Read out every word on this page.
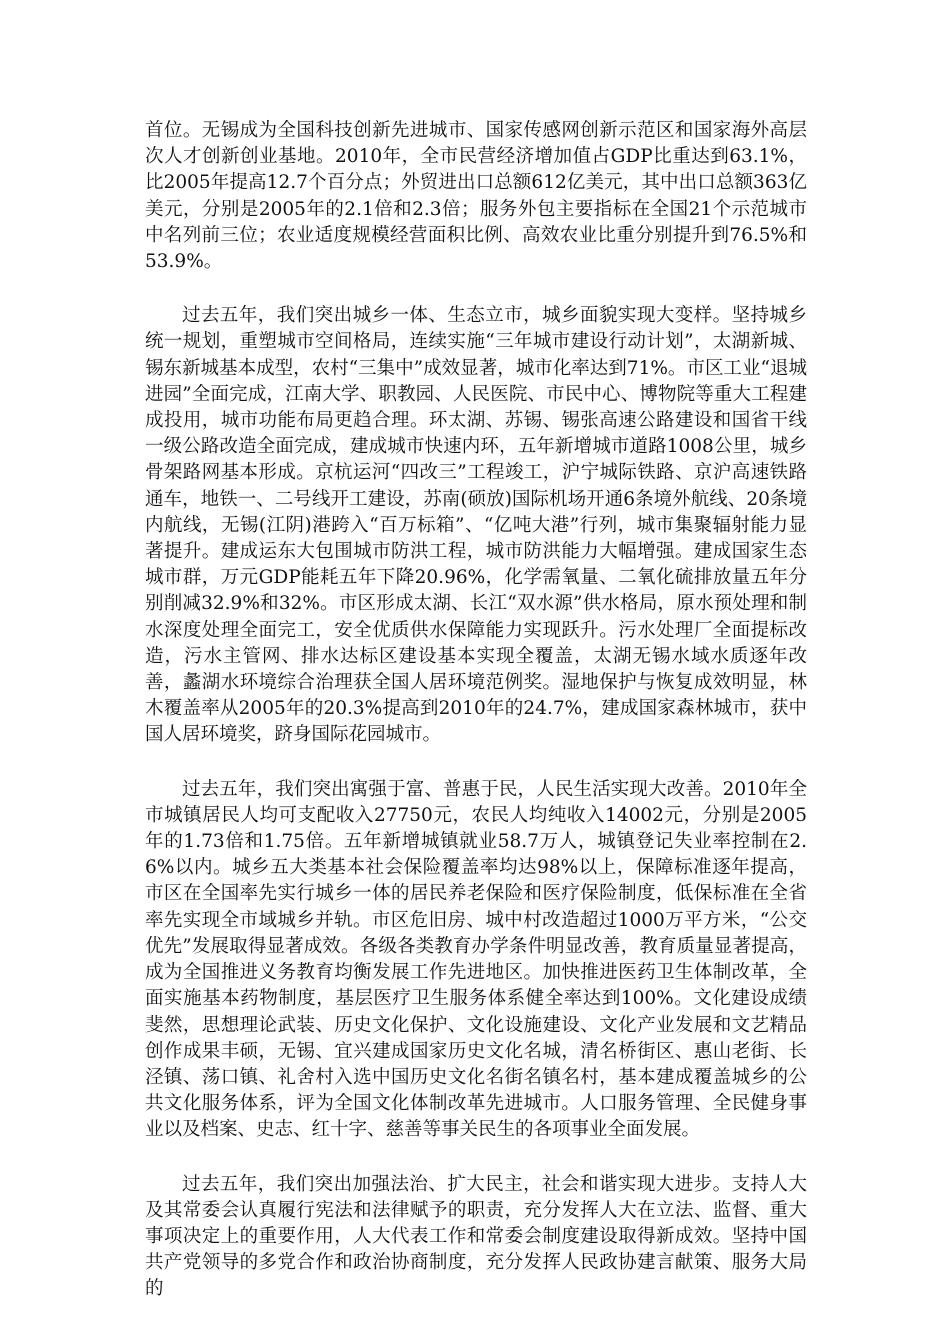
首位。无锡成为全国科技创新先进城市、国家传感网创新示范区和国家海外高层次人才创新创业基地。2010年，全市民营经济增加值占GDP比重达到63.1%，比2005年提高12.7个百分点；外贸进出口总额612亿美元，其中出口总额363亿美元，分别是2005年的2.1倍和2.3倍；服务外包主要指标在全国21个示范城市中名列前三位；农业适度规模经营面积比例、高效农业比重分别提升到76.5%和53.9%。

过去五年，我们突出城乡一体、生态立市，城乡面貌实现大变样。坚持城乡统一规划，重塑城市空间格局，连续实施“三年城市建设行动计划”，太湖新城、锡东新城基本成型，农村“三集中”成效显著，城市化率达到71%。市区工业“退城进园”全面完成，江南大学、职教园、人民医院、市民中心、博物院等重大工程建成投用，城市功能布局更趋合理。环太湖、苏锡、锡张高速公路建设和国省干线一级公路改造全面完成，建成城市快速内环，五年新增城市道路1008公里，城乡骨架路网基本形成。京杭运河“四改三”工程竣工，沪宁城际铁路、京沪高速铁路通车，地铁一、二号线开工建设，苏南(硕放)国际机场开通6条境外航线、20条境内航线，无锡(江阴)港跨入“百万标箱”、“亿吨大港”行列，城市集聚辐射能力显著提升。建成运东大包围城市防洪工程，城市防洪能力大幅增强。建成国家生态城市群，万元GDP能耗五年下降20.96%，化学需氧量、二氧化硫排放量五年分别削减32.9%和32%。市区形成太湖、长江“双水源”供水格局，原水预处理和制水深度处理全面完工，安全优质供水保障能力实现跃升。污水处理厂全面提标改造，污水主管网、排水达标区建设基本实现全覆盖，太湖无锡水域水质逐年改善，蠡湖水环境综合治理获全国人居环境范例奖。湿地保护与恢复成效明显，林木覆盖率从2005年的20.3%提高到2010年的24.7%，建成国家森林城市，获中国人居环境奖，跻身国际花园城市。

过去五年，我们突出寓强于富、普惠于民，人民生活实现大改善。2010年全市城镇居民人均可支配收入27750元，农民人均纯收入14002元，分别是2005年的1.73倍和1.75倍。五年新增城镇就业58.7万人，城镇登记失业率控制在2.6%以内。城乡五大类基本社会保险覆盖率均达98%以上，保障标准逐年提高，市区在全国率先实行城乡一体的居民养老保险和医疗保险制度，低保标准在全省率先实现全市域城乡并轨。市区危旧房、城中村改造超过1000万平方米，“公交优先”发展取得显著成效。各级各类教育办学条件明显改善，教育质量显著提高，成为全国推进义务教育均衡发展工作先进地区。加快推进医药卫生体制改革，全面实施基本药物制度，基层医疗卫生服务体系健全率达到100%。文化建设成绩斐然，思想理论武装、历史文化保护、文化设施建设、文化产业发展和文艺精品创作成果丰硕，无锡、宜兴建成国家历史文化名城，清名桥街区、惠山老街、长泾镇、荡口镇、礼舍村入选中国历史文化名街名镇名村，基本建成覆盖城乡的公共文化服务体系，评为全国文化体制改革先进城市。人口服务管理、全民健身事业以及档案、史志、红十字、慈善等事关民生的各项事业全面发展。

过去五年，我们突出加强法治、扩大民主，社会和谐实现大进步。支持人大及其常委会认真履行宪法和法律赋予的职责，充分发挥人大在立法、监督、重大事项决定上的重要作用，人大代表工作和常委会制度建设取得新成效。坚持中国共产党领导的多党合作和政治协商制度，充分发挥人民政协建言献策、服务大局的
